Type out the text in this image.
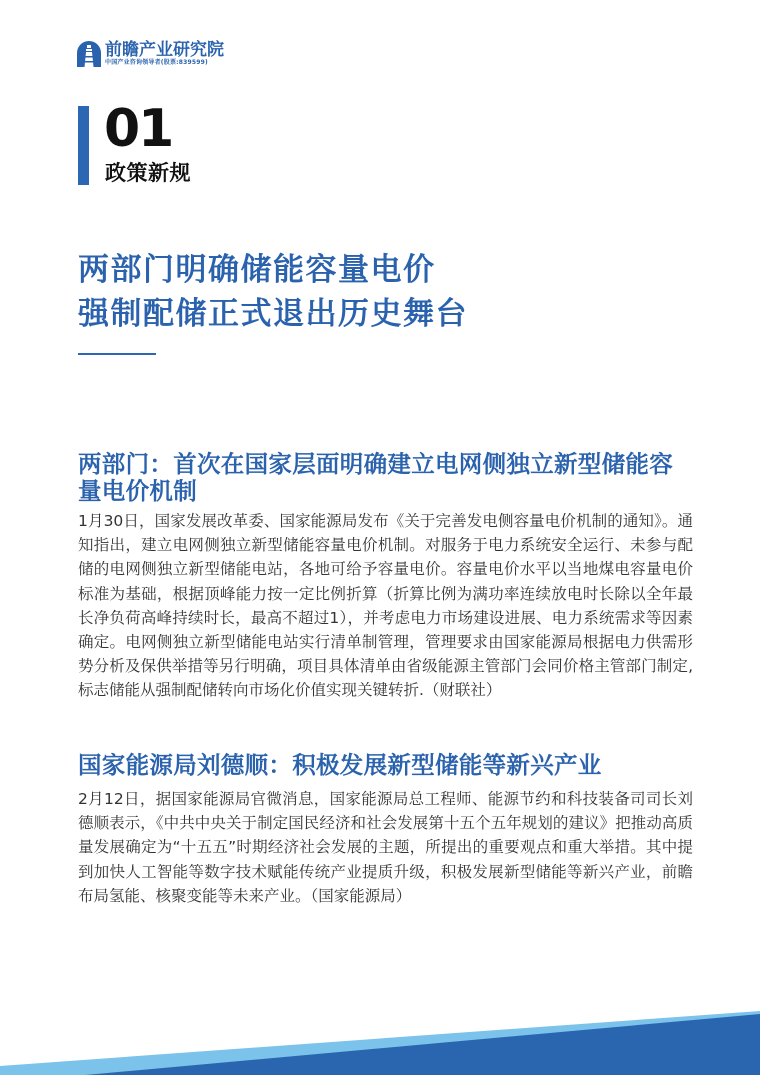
前瞻产业研究院
中国产业咨询领导者(股票:839599)
01
政策新规
两部门明确储能容量电价
强制配储正式退出历史舞台
两部门：首次在国家层面明确建立电网侧独立新型储能容量电价机制

1月30日，国家发展改革委、国家能源局发布《关于完善发电侧容量电价机制的通知》。通知指出，建立电网侧独立新型储能容量电价机制。对服务于电力系统安全运行、未参与配储的电网侧独立新型储能电站，各地可给予容量电价。容量电价水平以当地煤电容量电价标准为基础，根据顶峰能力按一定比例折算（折算比例为满功率连续放电时长除以全年最长净负荷高峰持续时长，最高不超过1），并考虑电力市场建设进展、电力系统需求等因素确定。电网侧独立新型储能电站实行清单制管理，管理要求由国家能源局根据电力供需形势分析及保供举措等另行明确，项目具体清单由省级能源主管部门会同价格主管部门制定,标志储能从强制配储转向市场化价值实现关键转折.（财联社）

国家能源局刘德顺：积极发展新型储能等新兴产业

2月12日，据国家能源局官微消息，国家能源局总工程师、能源节约和科技装备司司长刘德顺表示，《中共中央关于制定国民经济和社会发展第十五个五年规划的建议》把推动高质量发展确定为“十五五”时期经济社会发展的主题，所提出的重要观点和重大举措。其中提到加快人工智能等数字技术赋能传统产业提质升级，积极发展新型储能等新兴产业，前瞻布局氢能、核聚变能等未来产业。（国家能源局）
